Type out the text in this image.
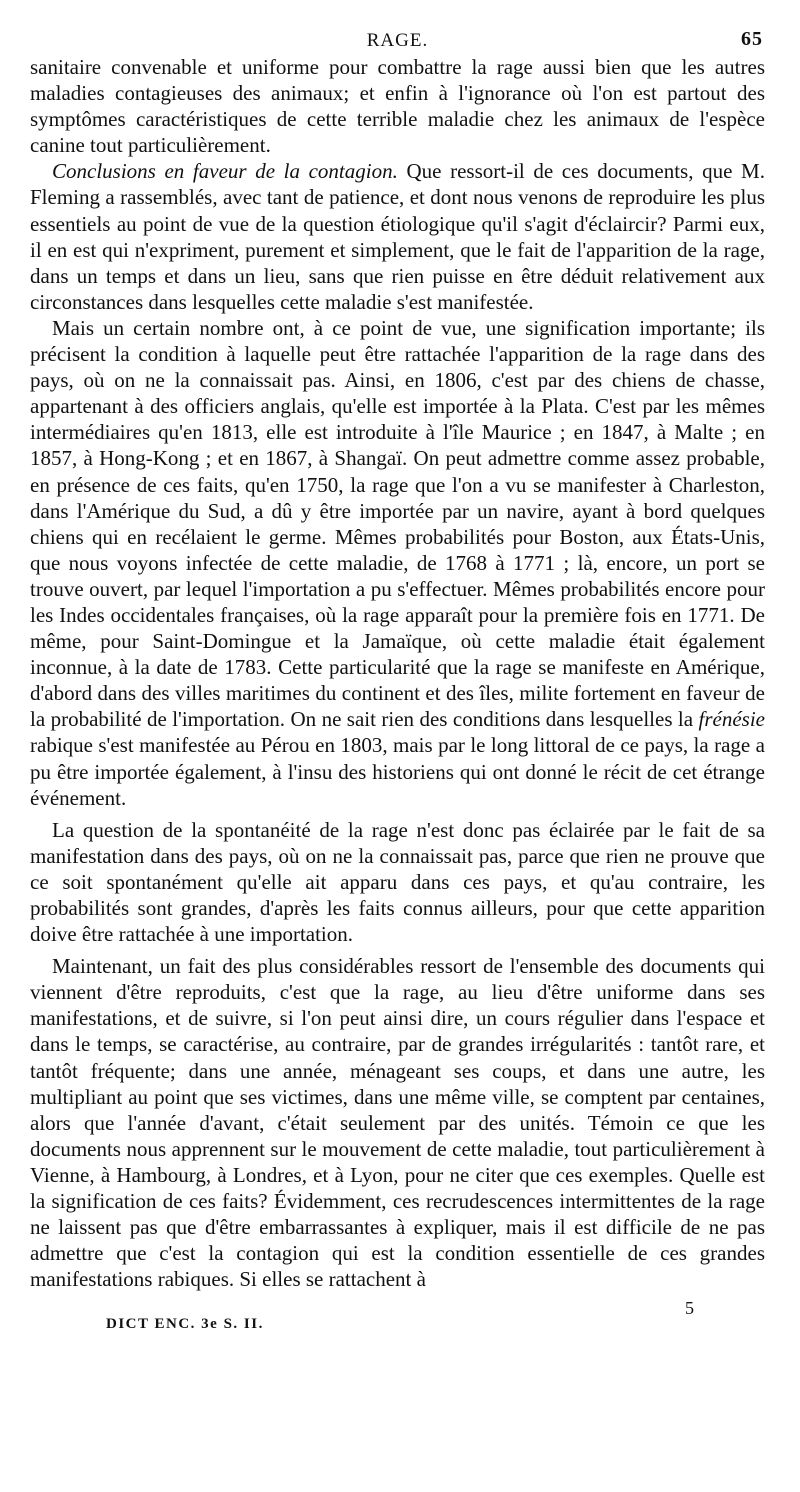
RAGE.	65

sanitaire convenable et uniforme pour combattre la rage aussi bien que les autres maladies contagieuses des animaux; et enfin à l'ignorance où l'on est partout des symptômes caractéristiques de cette terrible maladie chez les animaux de l'espèce canine tout particulièrement.

Conclusions en faveur de la contagion. Que ressort-il de ces documents, que M. Fleming a rassemblés, avec tant de patience, et dont nous venons de reproduire les plus essentiels au point de vue de la question étiologique qu'il s'agit d'éclaircir? Parmi eux, il en est qui n'expriment, purement et simplement, que le fait de l'apparition de la rage, dans un temps et dans un lieu, sans que rien puisse en être déduit relativement aux circonstances dans lesquelles cette maladie s'est manifestée.

Mais un certain nombre ont, à ce point de vue, une signification importante; ils précisent la condition à laquelle peut être rattachée l'apparition de la rage dans des pays, où on ne la connaissait pas. Ainsi, en 1806, c'est par des chiens de chasse, appartenant à des officiers anglais, qu'elle est importée à la Plata. C'est par les mêmes intermédiaires qu'en 1813, elle est introduite à l'île Maurice ; en 1847, à Malte ; en 1857, à Hong-Kong ; et en 1867, à Shangaï. On peut admettre comme assez probable, en présence de ces faits, qu'en 1750, la rage que l'on a vu se manifester à Charleston, dans l'Amérique du Sud, a dû y être importée par un navire, ayant à bord quelques chiens qui en recélaient le germe. Mêmes probabilités pour Boston, aux États-Unis, que nous voyons infectée de cette maladie, de 1768 à 1771 ; là, encore, un port se trouve ouvert, par lequel l'importation a pu s'effectuer. Mêmes probabilités encore pour les Indes occidentales françaises, où la rage apparaît pour la première fois en 1771. De même, pour Saint-Domingue et la Jamaïque, où cette maladie était également inconnue, à la date de 1783. Cette particularité que la rage se manifeste en Amérique, d'abord dans des villes maritimes du continent et des îles, milite fortement en faveur de la probabilité de l'importation. On ne sait rien des conditions dans lesquelles la frénésie rabique s'est manifestée au Pérou en 1803, mais par le long littoral de ce pays, la rage a pu être importée également, à l'insu des historiens qui ont donné le récit de cet étrange événement.

La question de la spontanéité de la rage n'est donc pas éclairée par le fait de sa manifestation dans des pays, où on ne la connaissait pas, parce que rien ne prouve que ce soit spontanément qu'elle ait apparu dans ces pays, et qu'au contraire, les probabilités sont grandes, d'après les faits connus ailleurs, pour que cette apparition doive être rattachée à une importation.

Maintenant, un fait des plus considérables ressort de l'ensemble des documents qui viennent d'être reproduits, c'est que la rage, au lieu d'être uniforme dans ses manifestations, et de suivre, si l'on peut ainsi dire, un cours régulier dans l'espace et dans le temps, se caractérise, au contraire, par de grandes irrégularités : tantôt rare, et tantôt fréquente; dans une année, ménageant ses coups, et dans une autre, les multipliant au point que ses victimes, dans une même ville, se comptent par centaines, alors que l'année d'avant, c'était seulement par des unités. Témoin ce que les documents nous apprennent sur le mouvement de cette maladie, tout particulièrement à Vienne, à Hambourg, à Londres, et à Lyon, pour ne citer que ces exemples. Quelle est la signification de ces faits? Évidemment, ces recrudescences intermittentes de la rage ne laissent pas que d'être embarrassantes à expliquer, mais il est difficile de ne pas admettre que c'est la contagion qui est la condition essentielle de ces grandes manifestations rabiques. Si elles se rattachent à

DICT ENC. 3e S. II.
5
